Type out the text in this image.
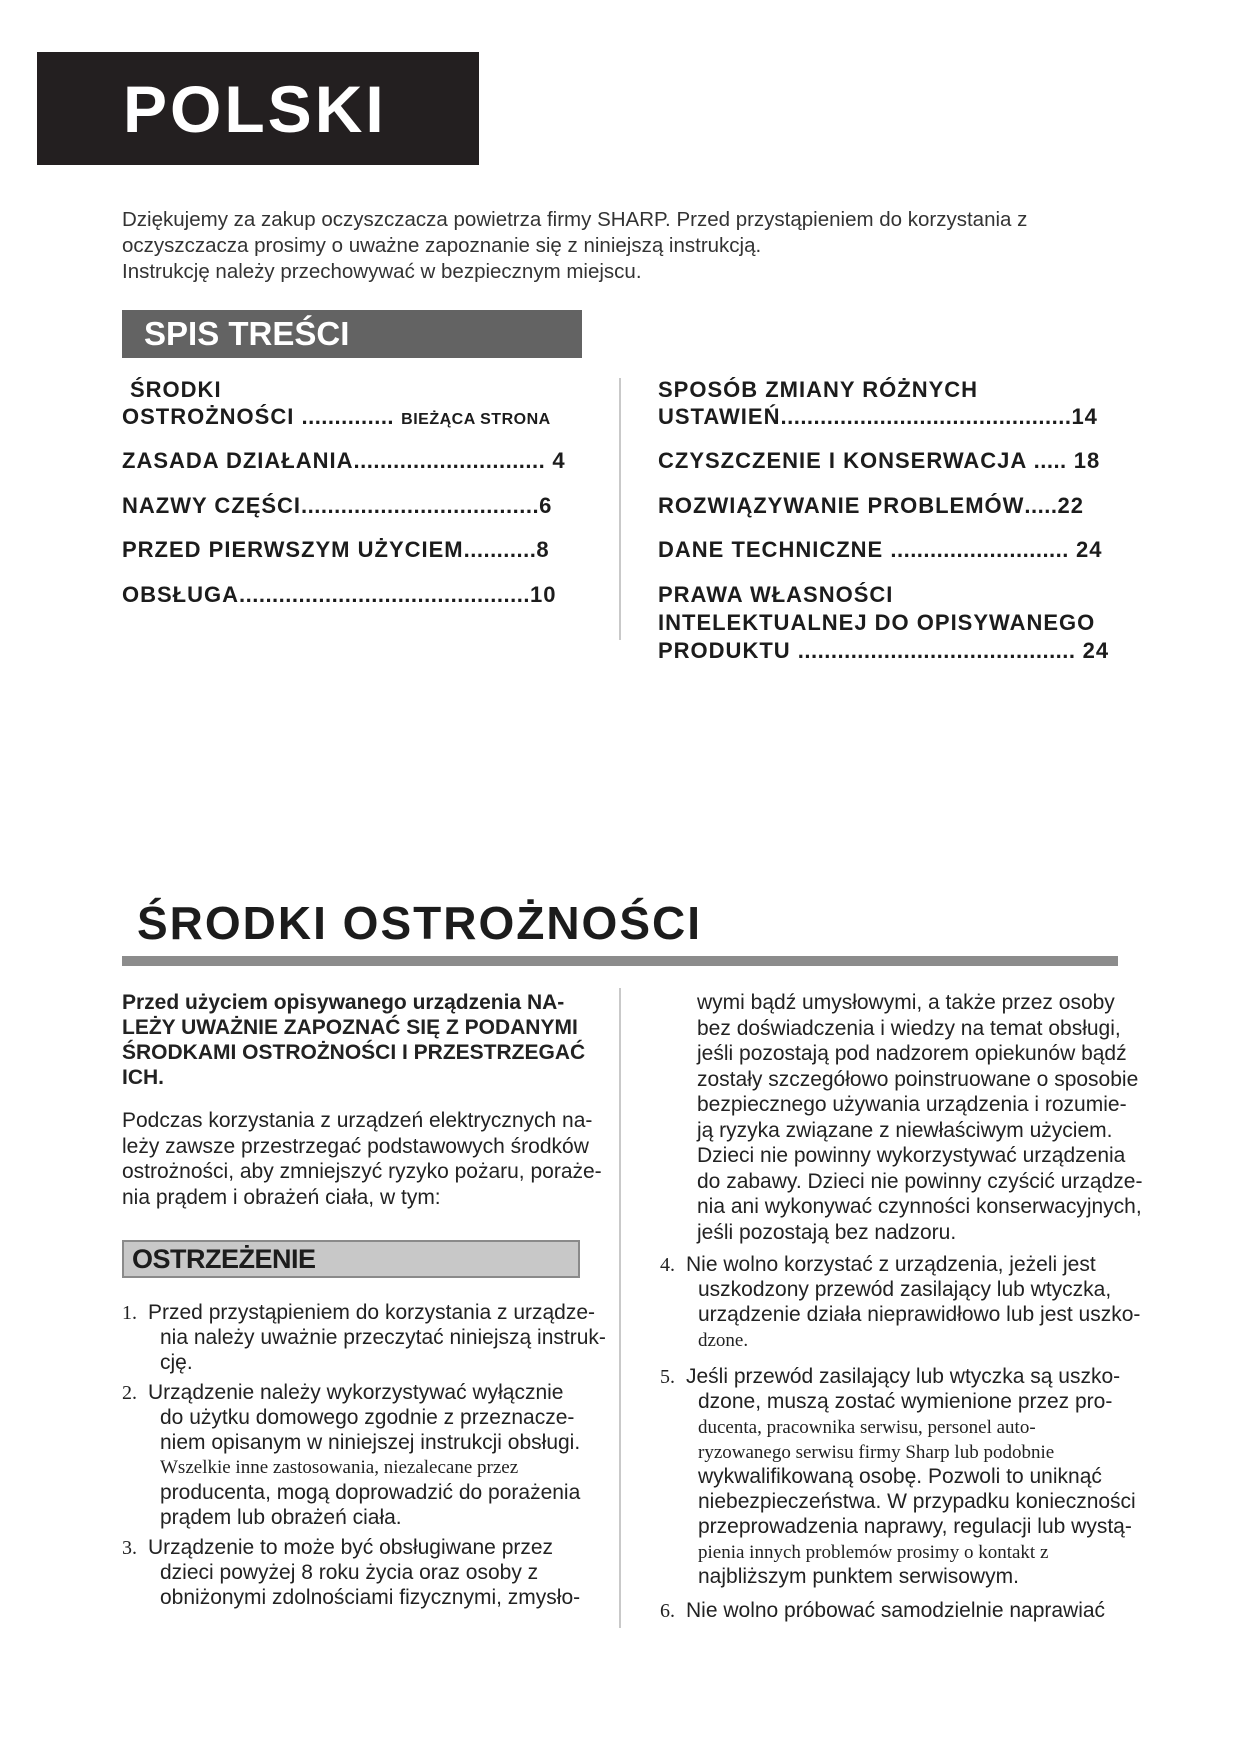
POLSKI
Dziękujemy za zakup oczyszczacza powietrza firmy SHARP. Przed przystąpieniem do korzystania z
oczyszczacza prosimy o uważne zapoznanie się z niniejszą instrukcją.
Instrukcję należy przechowywać w bezpiecznym miejscu.
SPIS TREŚCI
ŚRODKI
OSTROŻNOŚCI .............. BIEŻĄCA STRONA
ZASADA DZIAŁANIA............................. 4
NAZWY CZĘŚCI....................................6
PRZED PIERWSZYM UŻYCIEM...........8
OBSŁUGA............................................10
SPOSÓB ZMIANY RÓŻNYCH
USTAWIEŃ............................................14
CZYSZCZENIE I KONSERWACJA ..... 18
ROZWIĄZYWANIE PROBLEMÓW.....22
DANE TECHNICZNE ........................... 24
PRAWA WŁASNOŚCI
INTELEKTUALNEJ DO OPISYWANEGO
PRODUKTU .......................................... 24
ŚRODKI OSTROŻNOŚCI
Przed użyciem opisywanego urządzenia NA-
LEŻY UWAŻNIE ZAPOZNAĆ SIĘ Z PODANYMI
ŚRODKAMI OSTROŻNOŚCI I PRZESTRZEGAĆ
ICH.
Podczas korzystania z urządzeń elektrycznych na-
leży zawsze przestrzegać podstawowych środków
ostrożności, aby zmniejszyć ryzyko pożaru, poraże-
nia prądem i obrażeń ciała, w tym:
OSTRZEŻENIE
1. Przed przystąpieniem do korzystania z urządze-
nia należy uważnie przeczytać niniejszą instruk-
cję.
2. Urządzenie należy wykorzystywać wyłącznie
do użytku domowego zgodnie z przeznacze-
niem opisanym w niniejszej instrukcji obsługi.
Wszelkie inne zastosowania, niezalecane przez
producenta, mogą doprowadzić do porażenia
prądem lub obrażeń ciała.
3. Urządzenie to może być obsługiwane przez
dzieci powyżej 8 roku życia oraz osoby z
obniżonymi zdolnościami fizycznymi, zmysło-
wymi bądź umysłowymi, a także przez osoby
bez doświadczenia i wiedzy na temat obsługi,
jeśli pozostają pod nadzorem opiekunów bądź
zostały szczegółowo poinstruowane o sposobie
bezpiecznego używania urządzenia i rozumie-
ją ryzyka związane z niewłaściwym użyciem.
Dzieci nie powinny wykorzystywać urządzenia
do zabawy. Dzieci nie powinny czyścić urządze-
nia ani wykonywać czynności konserwacyjnych,
jeśli pozostają bez nadzoru.
4. Nie wolno korzystać z urządzenia, jeżeli jest
uszkodzony przewód zasilający lub wtyczka,
urządzenie działa nieprawidłowo lub jest uszko-
dzone.
5. Jeśli przewód zasilający lub wtyczka są uszko-
dzone, muszą zostać wymienione przez pro-
ducenta, pracownika serwisu, personel auto-
ryzowanego serwisu firmy Sharp lub podobnie
wykwalifikowaną osobę. Pozwoli to uniknąć
niebezpieczeństwa. W przypadku konieczności
przeprowadzenia naprawy, regulacji lub wystą-
pienia innych problemów prosimy o kontakt z
najbliższym punktem serwisowym.
6. Nie wolno próbować samodzielnie naprawiać
